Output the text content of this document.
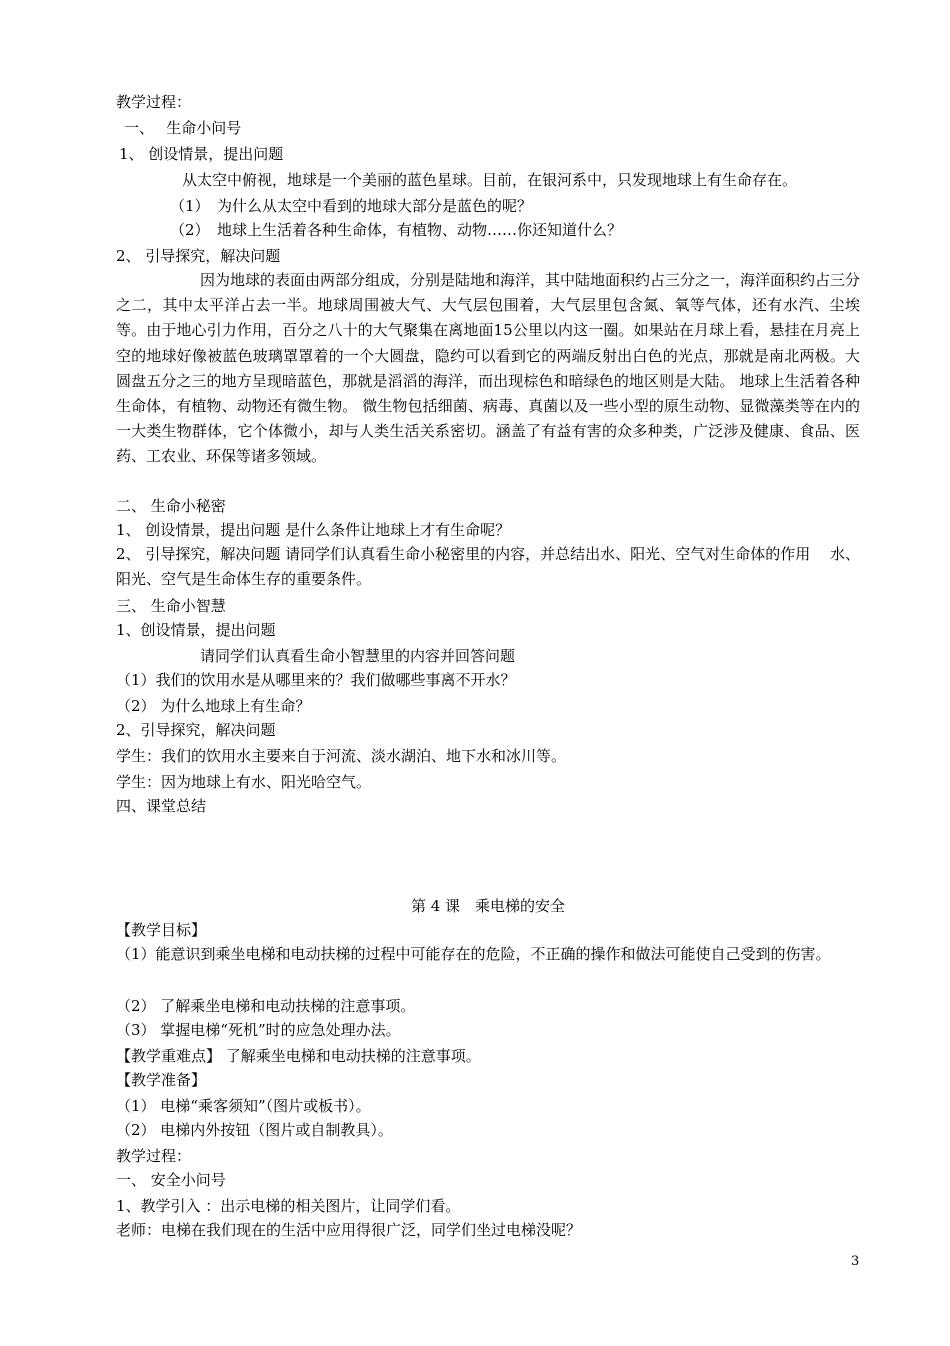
教学过程：
一、　 生命小问号
1、 创设情景，提出问题
从太空中俯视，地球是一个美丽的蓝色星球。目前，在银河系中，只发现地球上有生命存在。
（1）　为什么从太空中看到的地球大部分是蓝色的呢？
（2）　地球上生活着各种生命体，有植物、动物……你还知道什么？
2、 引导探究，解决问题
因为地球的表面由两部分组成，分别是陆地和海洋，其中陆地面积约占三分之一，海洋面积约占三分之二，其中太平洋占去一半。地球周围被大气、大气层包围着，大气层里包含氮、氧等气体，还有水汽、尘埃等。由于地心引力作用，百分之八十的大气聚集在离地面15公里以内这一圈。如果站在月球上看，悬挂在月亮上空的地球好像被蓝色玻璃罩罩着的一个大圆盘，隐约可以看到它的两端反射出白色的光点，那就是南北两极。大圆盘五分之三的地方呈现暗蓝色，那就是滔滔的海洋，而出现棕色和暗绿色的地区则是大陆。 地球上生活着各种生命体，有植物、动物还有微生物。 微生物包括细菌、病毒、真菌以及一些小型的原生动物、显微藻类等在内的一大类生物群体，它个体微小，却与人类生活关系密切。涵盖了有益有害的众多种类，广泛涉及健康、食品、医药、工农业、环保等诸多领域。
二、 生命小秘密
1、 创设情景，提出问题 是什么条件让地球上才有生命呢？
2、 引导探究，解决问题 请同学们认真看生命小秘密里的内容，并总结出水、阳光、空气对生命体的作用　 水、阳光、空气是生命体生存的重要条件。
三、 生命小智慧
1、创设情景，提出问题
请同学们认真看生命小智慧里的内容并回答问题
（1）我们的饮用水是从哪里来的？我们做哪些事离不开水？
（2） 为什么地球上有生命？
2、引导探究，解决问题
学生：我们的饮用水主要来自于河流、淡水湖泊、地下水和冰川等。
学生：因为地球上有水、阳光哈空气。
四、课堂总结
第 4 课　乘电梯的安全
【教学目标】
（1）能意识到乘坐电梯和电动扶梯的过程中可能存在的危险，不正确的操作和做法可能使自己受到的伤害。
（2） 了解乘坐电梯和电动扶梯的注意事项。
（3） 掌握电梯“死机”时的应急处理办法。
【教学重难点】 了解乘坐电梯和电动扶梯的注意事项。
【教学准备】
（1） 电梯“乘客须知”（图片或板书）。
（2） 电梯内外按钮（图片或自制教具）。
教学过程：
一、 安全小问号
1、教学引入 ：出示电梯的相关图片，让同学们看。
老师：电梯在我们现在的生活中应用得很广泛，同学们坐过电梯没呢？
3
